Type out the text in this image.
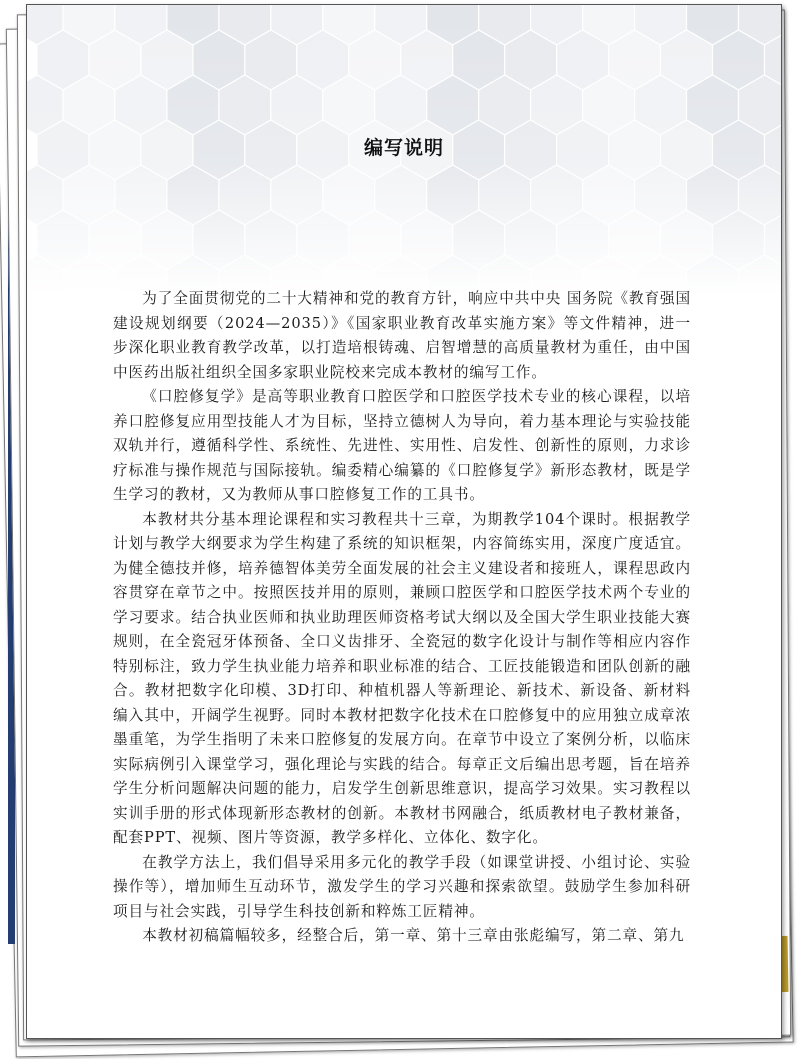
编写说明

为了全面贯彻党的二十大精神和党的教育方针，响应中共中央 国务院《教育强国建设规划纲要（2024—2035）》《国家职业教育改革实施方案》等文件精神，进一步深化职业教育教学改革，以打造培根铸魂、启智增慧的高质量教材为重任，由中国中医药出版社组织全国多家职业院校来完成本教材的编写工作。

《口腔修复学》是高等职业教育口腔医学和口腔医学技术专业的核心课程，以培养口腔修复应用型技能人才为目标，坚持立德树人为导向，着力基本理论与实验技能双轨并行，遵循科学性、系统性、先进性、实用性、启发性、创新性的原则，力求诊疗标准与操作规范与国际接轨。编委精心编纂的《口腔修复学》新形态教材，既是学生学习的教材，又为教师从事口腔修复工作的工具书。

本教材共分基本理论课程和实习教程共十三章，为期教学104个课时。根据教学计划与教学大纲要求为学生构建了系统的知识框架，内容简练实用，深度广度适宜。为健全德技并修，培养德智体美劳全面发展的社会主义建设者和接班人，课程思政内容贯穿在章节之中。按照医技并用的原则，兼顾口腔医学和口腔医学技术两个专业的学习要求。结合执业医师和执业助理医师资格考试大纲以及全国大学生职业技能大赛规则，在全瓷冠牙体预备、全口义齿排牙、全瓷冠的数字化设计与制作等相应内容作特别标注，致力学生执业能力培养和职业标准的结合、工匠技能锻造和团队创新的融合。教材把数字化印模、3D打印、种植机器人等新理论、新技术、新设备、新材料编入其中，开阔学生视野。同时本教材把数字化技术在口腔修复中的应用独立成章浓墨重笔，为学生指明了未来口腔修复的发展方向。在章节中设立了案例分析，以临床实际病例引入课堂学习，强化理论与实践的结合。每章正文后编出思考题，旨在培养学生分析问题解决问题的能力，启发学生创新思维意识，提高学习效果。实习教程以实训手册的形式体现新形态教材的创新。本教材书网融合，纸质教材电子教材兼备，配套PPT、视频、图片等资源，教学多样化、立体化、数字化。

在教学方法上，我们倡导采用多元化的教学手段（如课堂讲授、小组讨论、实验操作等），增加师生互动环节，激发学生的学习兴趣和探索欲望。鼓励学生参加科研项目与社会实践，引导学生科技创新和粹炼工匠精神。

本教材初稿篇幅较多，经整合后，第一章、第十三章由张彪编写，第二章、第九
